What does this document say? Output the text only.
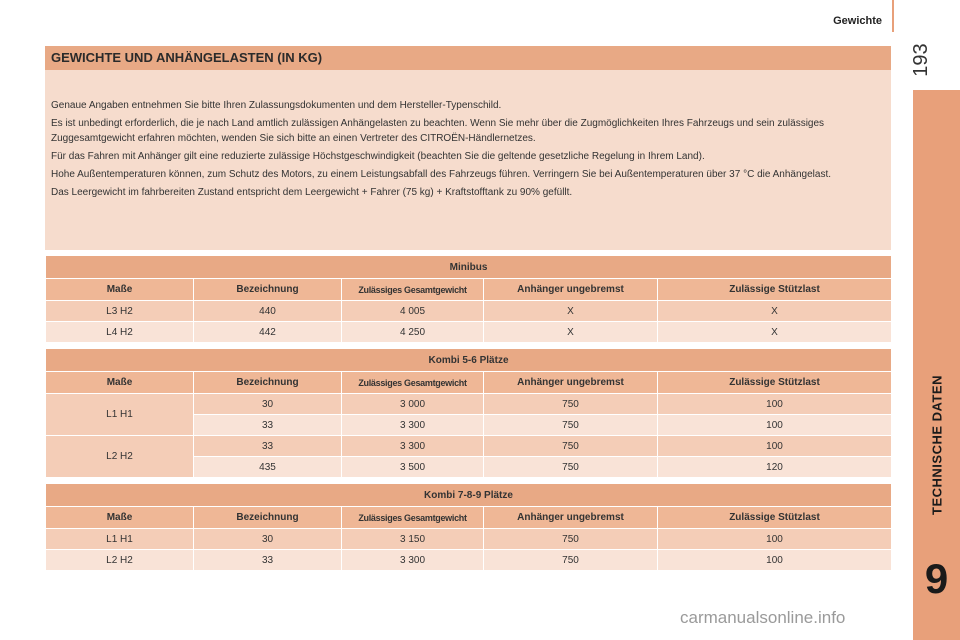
Gewichte
193
TECHNISCHE DATEN
9
GEWICHTE UND ANHÄNGELASTEN (IN KG)

Genaue Angaben entnehmen Sie bitte Ihren Zulassungsdokumenten und dem Hersteller-Typenschild.

Es ist unbedingt erforderlich, die je nach Land amtlich zulässigen Anhängelasten zu beachten. Wenn Sie mehr über die Zugmöglichkeiten Ihres Fahrzeugs und sein zulässiges Zuggesamtgewicht erfahren möchten, wenden Sie sich bitte an einen Vertreter des CITROËN-Händlernetzes.

Für das Fahren mit Anhänger gilt eine reduzierte zulässige Höchstgeschwindigkeit (beachten Sie die geltende gesetzliche Regelung in Ihrem Land).

Hohe Außentemperaturen können, zum Schutz des Motors, zu einem Leistungsabfall des Fahrzeugs führen. Verringern Sie bei Außentemperaturen über 37 °C die Anhängelast.

Das Leergewicht im fahrbereiten Zustand entspricht dem Leergewicht + Fahrer (75 kg) + Kraftstofftank zu 90% gefüllt.

Minibus				
Maße	Bezeichnung	Zulässiges Gesamtgewicht	Anhänger ungebremst	Zulässige Stützlast
L3 H2	440	4 005	X	X
L4 H2	442	4 250	X	X
Kombi 5-6 Plätze				
Maße	Bezeichnung	Zulässiges Gesamtgewicht	Anhänger ungebremst	Zulässige Stützlast
L1 H1	30	3 000	750	100
	33	3 300	750	100
L2 H2	33	3 300	750	100
	435	3 500	750	120
Kombi 7-8-9 Plätze				
Maße	Bezeichnung	Zulässiges Gesamtgewicht	Anhänger ungebremst	Zulässige Stützlast
L1 H1	30	3 150	750	100
L2 H2	33	3 300	750	100
carmanualsonline.info
